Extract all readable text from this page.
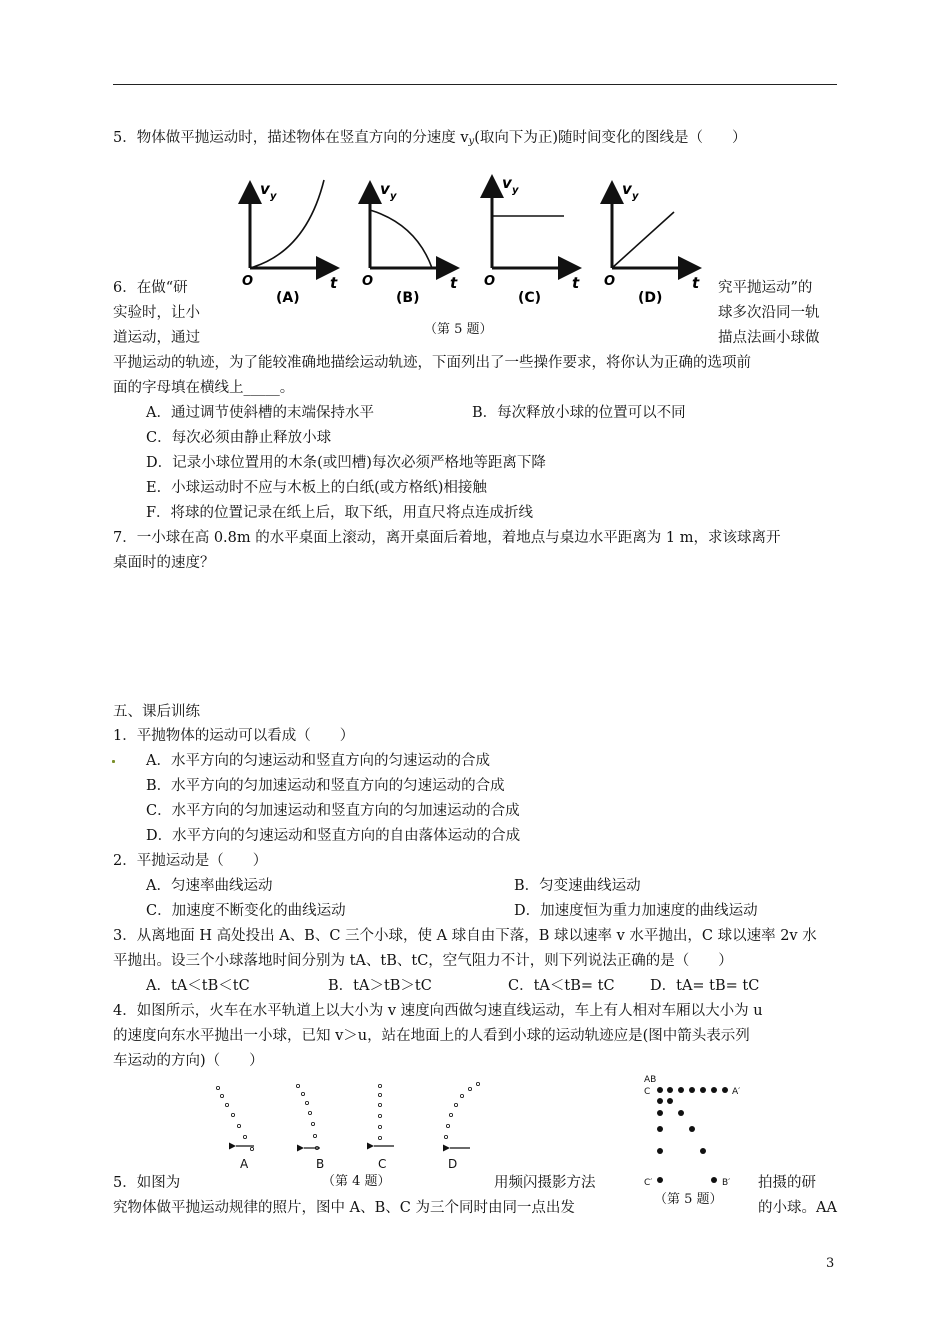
5．物体做平抛运动时，描述物体在竖直方向的分速度 $v_y$(取向下为正)随时间变化的图线是（　　）
v y
O	t
(A)
v y
O	t
(B)
v y
O	t
(C)
v y
O	t
(D)
（第 5 题）
6．在做“研	究平抛运动”的
实验时，让小	球多次沿同一轨
道运动，通过	描点法画小球做
平抛运动的轨迹，为了能较准确地描绘运动轨迹，下面列出了一些操作要求，将你认为正确的选项前
面的字母填在横线上_____。
A．通过调节使斜槽的末端保持水平	B．每次释放小球的位置可以不同
C．每次必须由静止释放小球
D．记录小球位置用的木条(或凹槽)每次必须严格地等距离下降
E．小球运动时不应与木板上的白纸(或方格纸)相接触
F．将球的位置记录在纸上后，取下纸，用直尺将点连成折线
7．一小球在高 0.8m 的水平桌面上滚动，离开桌面后着地，着地点与桌边水平距离为 1 m，求该球离开
桌面时的速度？
五、课后训练
1．平抛物体的运动可以看成（　　）
A．水平方向的匀速运动和竖直方向的匀速运动的合成
B．水平方向的匀加速运动和竖直方向的匀速运动的合成
C．水平方向的匀加速运动和竖直方向的匀加速运动的合成
D．水平方向的匀速运动和竖直方向的自由落体运动的合成
2．平抛运动是（　　）
A．匀速率曲线运动	B．匀变速曲线运动
C．加速度不断变化的曲线运动	D．加速度恒为重力加速度的曲线运动
3．从离地面 H 高处投出 A、B、C 三个小球，使 A 球自由下落，B 球以速率 v 水平抛出，C 球以速率 2v 水
平抛出。设三个小球落地时间分别为 tA、tB、tC，空气阻力不计，则下列说法正确的是（　　）
A．tA＜tB＜tC	B．tA＞tB＞tC	C．tA＜tB= tC D．tA= tB= tC
4．如图所示，火车在水平轨道上以大小为 v 速度向西做匀速直线运动，车上有人相对车厢以大小为 u
的速度向东水平抛出一小球，已知 v＞u，站在地面上的人看到小球的运动轨迹应是(图中箭头表示列
车运动的方向)（　　）
A	B	C	D
（第 4 题）
AB
C	A′
C′	B′
（第 5 题）
5．如图为	用频闪摄影方法	拍摄的研
究物体做平抛运动规律的照片，图中 A、B、C 为三个同时由同一点出发	的小球。AA
3
